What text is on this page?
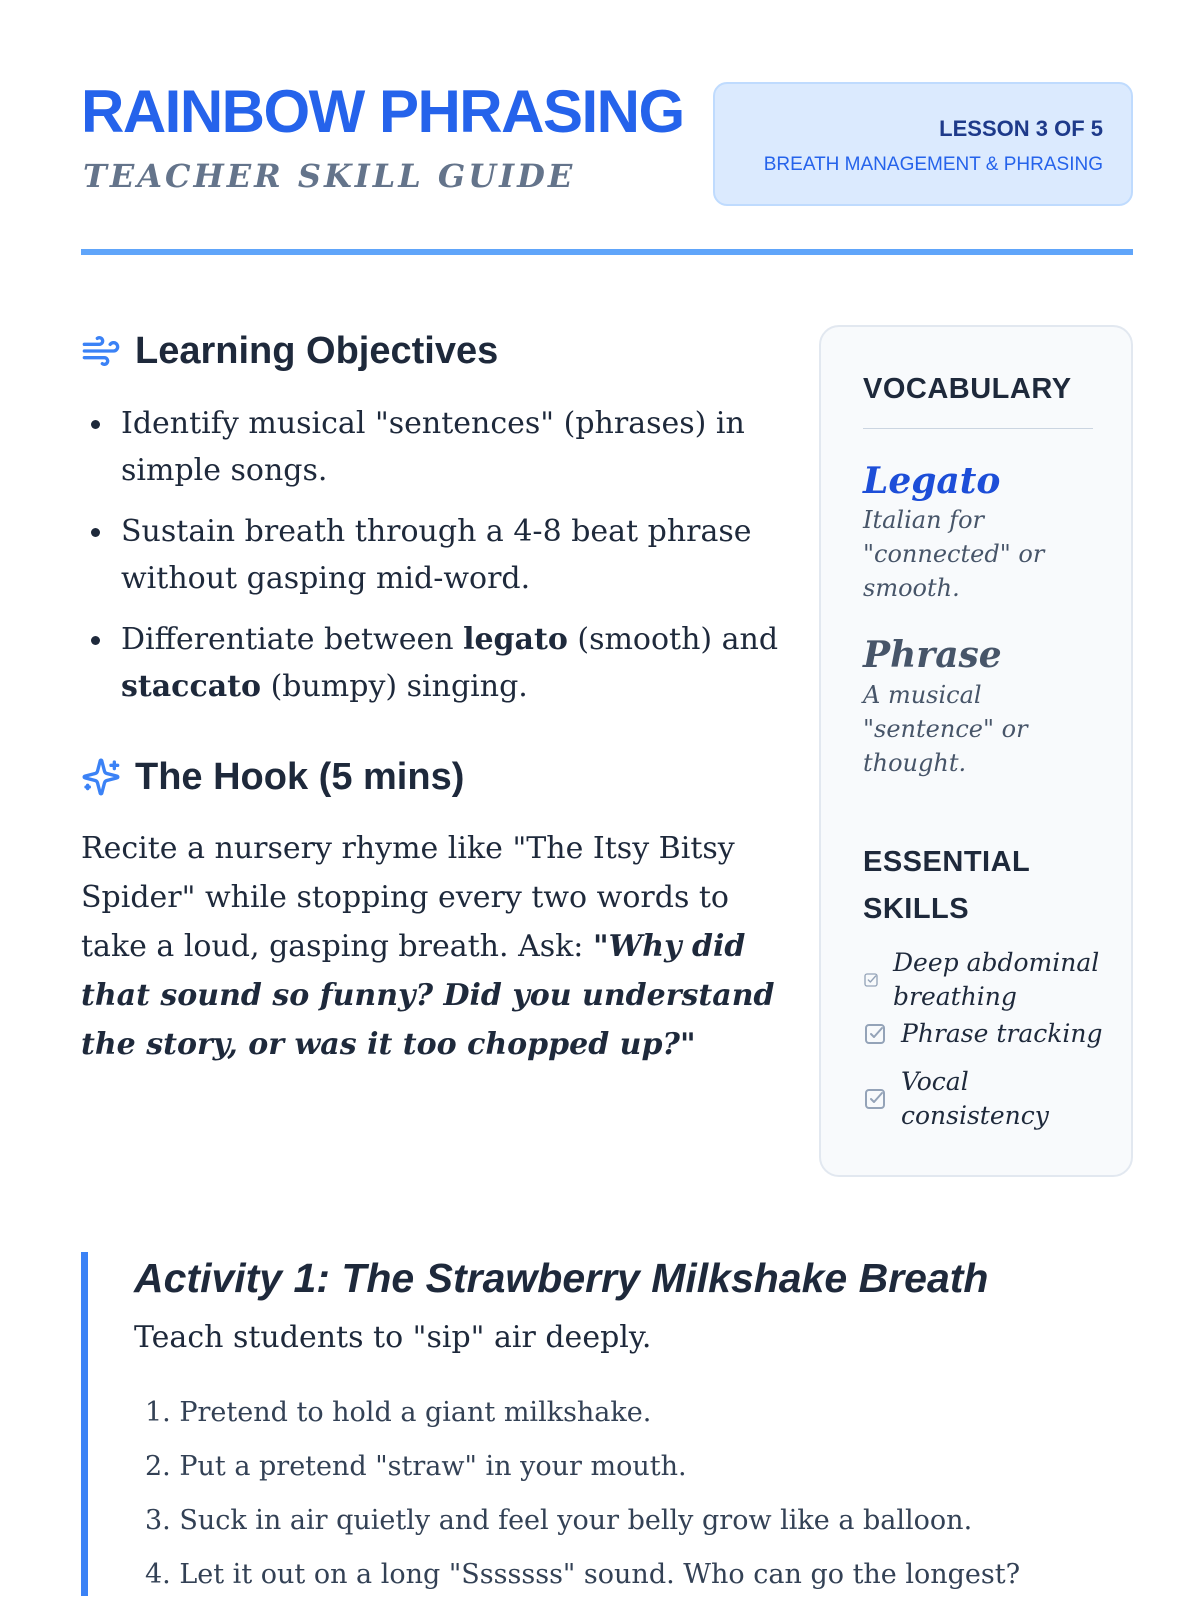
RAINBOW PHRASING
TEACHER SKILL GUIDE
LESSON 3 OF 5
BREATH MANAGEMENT & PHRASING
Learning Objectives
Identify musical "sentences" (phrases) in simple songs.
Sustain breath through a 4-8 beat phrase without gasping mid-word.
Differentiate between legato (smooth) and staccato (bumpy) singing.
The Hook (5 mins)

Recite a nursery rhyme like "The Itsy Bitsy Spider" while stopping every two words to take a loud, gasping breath. Ask: "Why did that sound so funny? Did you understand the story, or was it too chopped up?"

VOCABULARY
Legato
Italian for "connected" or smooth.
Phrase
A musical "sentence" or thought.
ESSENTIAL SKILLS
Deep abdominal breathing
Phrase tracking
Vocal consistency
Activity 1: The Strawberry Milkshake Breath
Teach students to "sip" air deeply.
1. Pretend to hold a giant milkshake.
2. Put a pretend "straw" in your mouth.
3. Suck in air quietly and feel your belly grow like a balloon.
4. Let it out on a long "Sssssss" sound. Who can go the longest?
